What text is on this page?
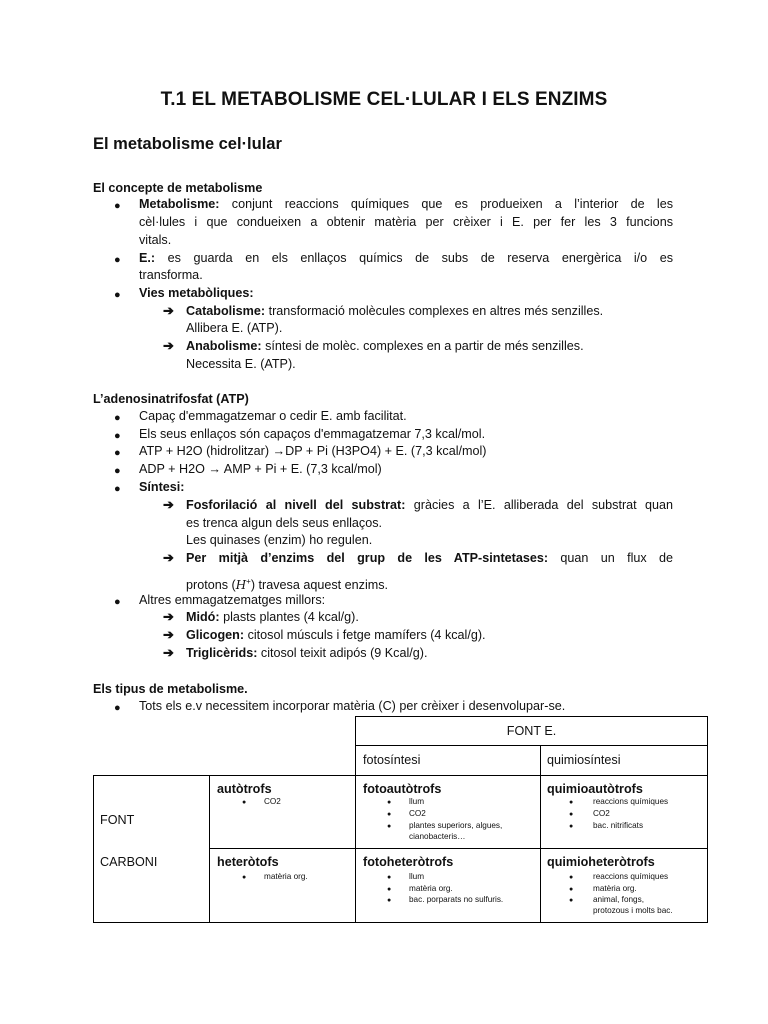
T.1 EL METABOLISME CEL·LULAR I ELS ENZIMS
El metabolisme cel·lular
El concepte de metabolisme
● Metabolisme: conjunt reaccions químiques que es produeixen a l’interior de les
cèl·lules i que condueixen a obtenir matèria per crèixer i E. per fer les 3 funcions
vitals.
● E.: es guarda en els enllaços químics de subs de reserva energèrica i/o es
transforma.
● Vies metabòliques:
➔ Catabolisme: transformació molècules complexes en altres més senzilles.
Allibera E. (ATP).
➔ Anabolisme: síntesi de molèc. complexes en a partir de més senzilles.
Necessita E. (ATP).
L’adenosinatrifosfat (ATP)
● Capaç d'emmagatzemar o cedir E. amb facilitat.
● Els seus enllaços són capaços d'emmagatzemar 7,3 kcal/mol.
● ATP + H2O (hidrolitzar) →DP + Pi (H3PO4) + E. (7,3 kcal/mol)
● ADP + H2O → AMP + Pi + E. (7,3 kcal/mol)
● Síntesi:
➔ Fosforilació al nivell del substrat: gràcies a l’E. alliberada del substrat quan
es trenca algun dels seus enllaços.
Les quinases (enzim) ho regulen.
➔ Per mitjà d’enzims del grup de les ATP-sintetases: quan un flux de
protons (H+) travesa aquest enzims.
● Altres emmagatzematges millors:
➔ Midó: plasts plantes (4 kcal/g).
➔ Glicogen: citosol músculs i fetge mamífers (4 kcal/g).
➔ Triglicèrids: citosol teixit adipós (9 Kcal/g).
Els tipus de metabolisme.
● Tots els e.v necessitem incorporar matèria (C) per crèixer i desenvolupar-se.
FONT E.
fotosíntesi	quimiosíntesi
FONT
CARBONI
autòtrofs
● CO2
heteròtofs
● matèria org.
fotoautòtrofs
● llum
● CO2
● plantes superiors, algues,
cianobacteris…
quimioautòtrofs
● reaccions químiques
● CO2
● bac. nitrificats
fotoheteròtrofs
● llum
● matèria org.
● bac. porparats no sulfuris.
quimioheteròtrofs
● reaccions químiques
● matèria org.
● animal, fongs,
protozous i molts bac.
